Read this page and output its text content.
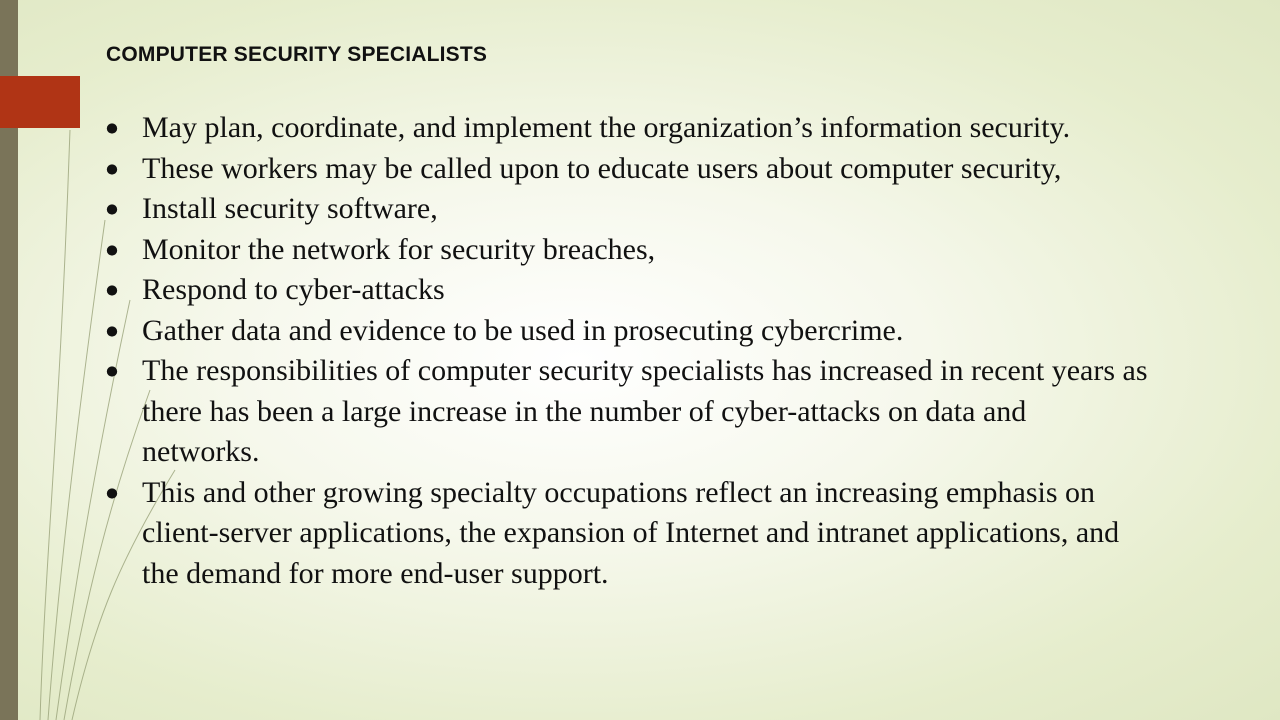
COMPUTER SECURITY SPECIALISTS
⦁ May plan, coordinate, and implement the organization’s information security.
⦁ These workers may be called upon to educate users about computer security,
⦁ Install security software,
⦁ Monitor the network for security breaches,
⦁ Respond to cyber-attacks
⦁ Gather data and evidence to be used in prosecuting cybercrime.
⦁ The responsibilities of computer security specialists has increased in recent years as there has been a large increase in the number of cyber-attacks on data and networks.
⦁ This and other growing specialty occupations reflect an increasing emphasis on client-server applications, the expansion of Internet and intranet applications, and the demand for more end-user support.
